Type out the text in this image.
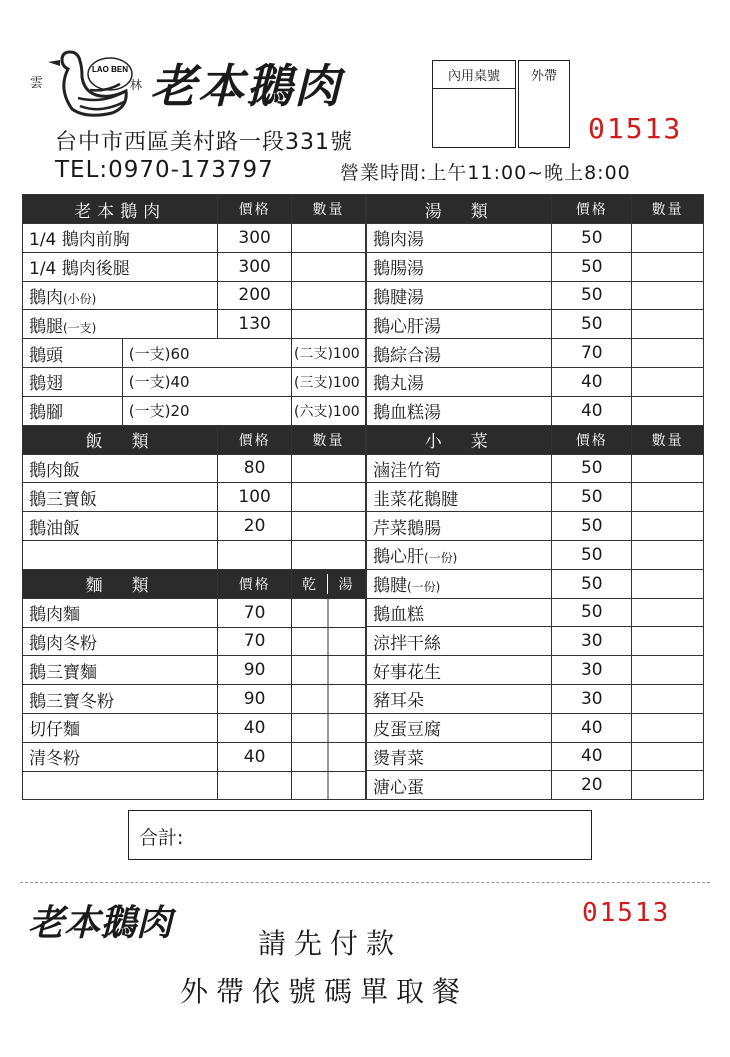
LAO BEN
雲	林 老本鵝肉
台中市西區美村路一段331號
TEL:0970-173797	營業時間:上午11:00~晚上8:00
內用桌號	外帶
01513
老本鵝肉		價格	數量
1/4 鵝肉前胸		300	
1/4 鵝肉後腿		300	
鵝肉(小份)		200	
鵝腿(一支)		130	
鵝頭	(一支)60		(二支)100
鵝翅	(一支)40		(三支)100
鵝腳	(一支)20		(六支)100
飯　類		價格	數量
鵝肉飯		80	
鵝三寶飯		100	
鵝油飯		20	

麵　類		價格	乾 湯
鵝肉麵		70	
鵝肉冬粉		70	
鵝三寶麵		90	
鵝三寶冬粉		90	
切仔麵		40	
清冬粉		40	

湯　類	價格	數量
鵝肉湯	50	
鵝腸湯	50	
鵝腱湯	50	
鵝心肝湯	50	
鵝綜合湯	70	
鵝丸湯	40	
鵝血糕湯	40	
小　菜	價格	數量
滷洼竹筍	50	
韭菜花鵝腱	50	
芹菜鵝腸	50	
鵝心肝(一份)	50	
鵝腱(一份)	50	
鵝血糕	50	
涼拌干絲	30	
好事花生	30	
豬耳朵	30	
皮蛋豆腐	40	
燙青菜	40	
溏心蛋	20	
合計:
老本鵝肉	01513
請先付款
外帶依號碼單取餐
